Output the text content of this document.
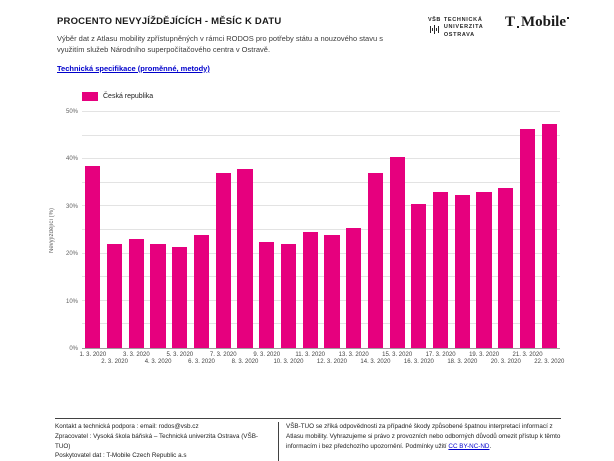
PROCENTO NEVYJÍŽDĚJÍCÍCH - MĚSÍC K DATU
Výběr dat z Atlasu mobility zpřístupněných v rámci RODOS pro potřeby státu a nouzového stavu s využitím služeb Národního superpočítačového centra v Ostravě.
Technická specifikace (proměnné, metody)
VŠB TECHNICKÁ
UNIVERZITA
OSTRAVA
T Mobile
Česká republika
Nevyjíždějící (%)
0%
10%
20%
30%
40%
50%
1. 3. 2020
2. 3. 2020
3. 3. 2020
4. 3. 2020
5. 3. 2020
6. 3. 2020
7. 3. 2020
8. 3. 2020
9. 3. 2020
10. 3. 2020
11. 3. 2020
12. 3. 2020
13. 3. 2020
14. 3. 2020
15. 3. 2020
16. 3. 2020
17. 3. 2020
18. 3. 2020
19. 3. 2020
20. 3. 2020
21. 3. 2020
22. 3. 2020
Kontakt a technická podpora : email: rodos@vsb.cz
Zpracovatel : Vysoká škola báňská – Technická univerzita Ostrava (VŠB-TUO)
Poskytovatel dat : T-Mobile Czech Republic a.s
VŠB-TUO se zříká odpovědnosti za případné škody způsobené špatnou interpretací informací z Atlasu mobility. Vyhrazujeme si právo z provozních nebo odborných důvodů omezit přístup k těmto informacím i bez předchozího upozornění. Podmínky užití CC BY-NC-ND.
